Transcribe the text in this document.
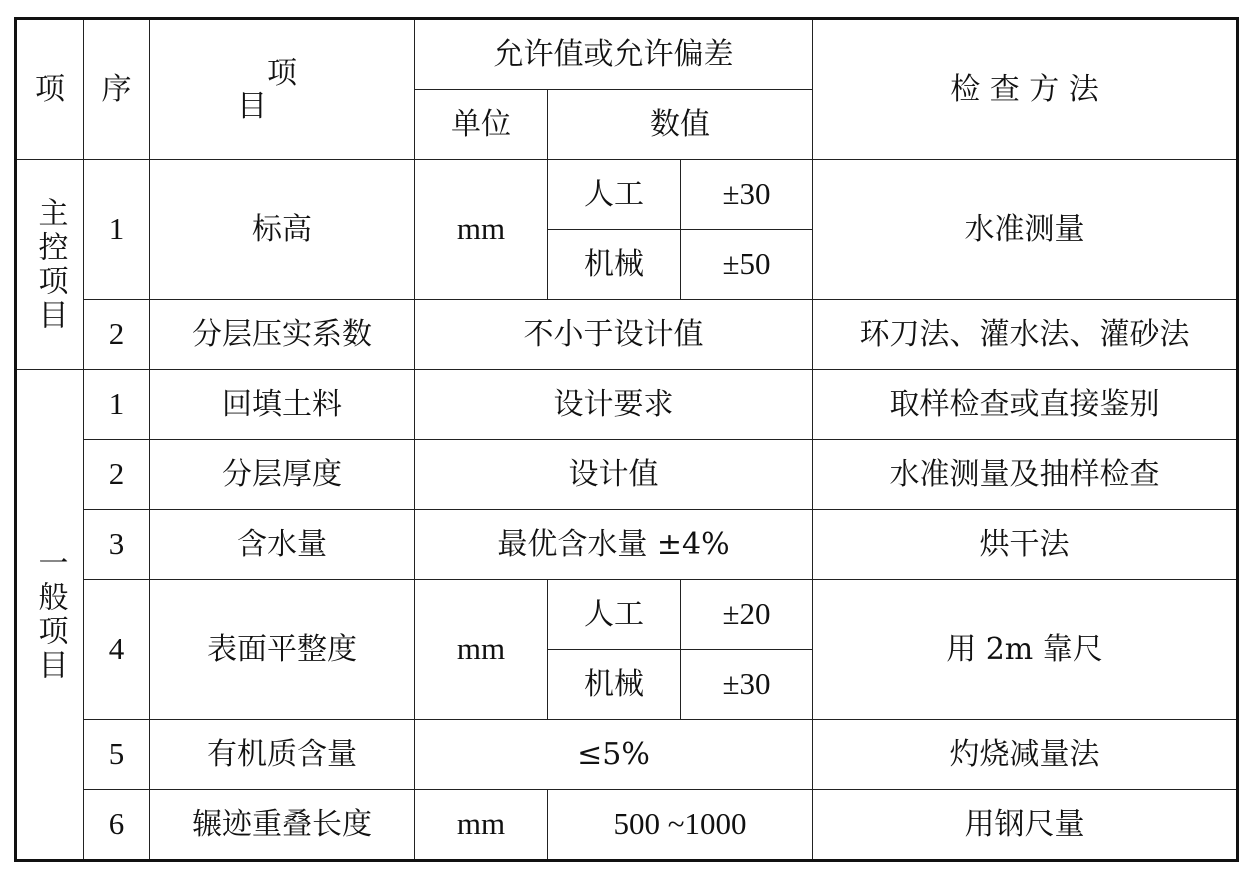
项	序	项　目	允许值或允许偏差			检 查 方 法
			单位	数值		

主控项目	1	标高	mm	人工	±30	水准测量
				机械	±50	
	2	分层压实系数	不小于设计值			环刀法、灌水法、灌砂法

一般项目	1	回填土料	设计要求			取样检查或直接鉴别
	2	分层厚度	设计值			水准测量及抽样检查
	3	含水量	最优含水量 ±4%			烘干法
	4	表面平整度	mm	人工	±20	用 2m 靠尺
				机械	±30	
	5	有机质含量	≤5%			灼烧减量法
	6	辗迹重叠长度	mm	500 ~1000		用钢尺量
